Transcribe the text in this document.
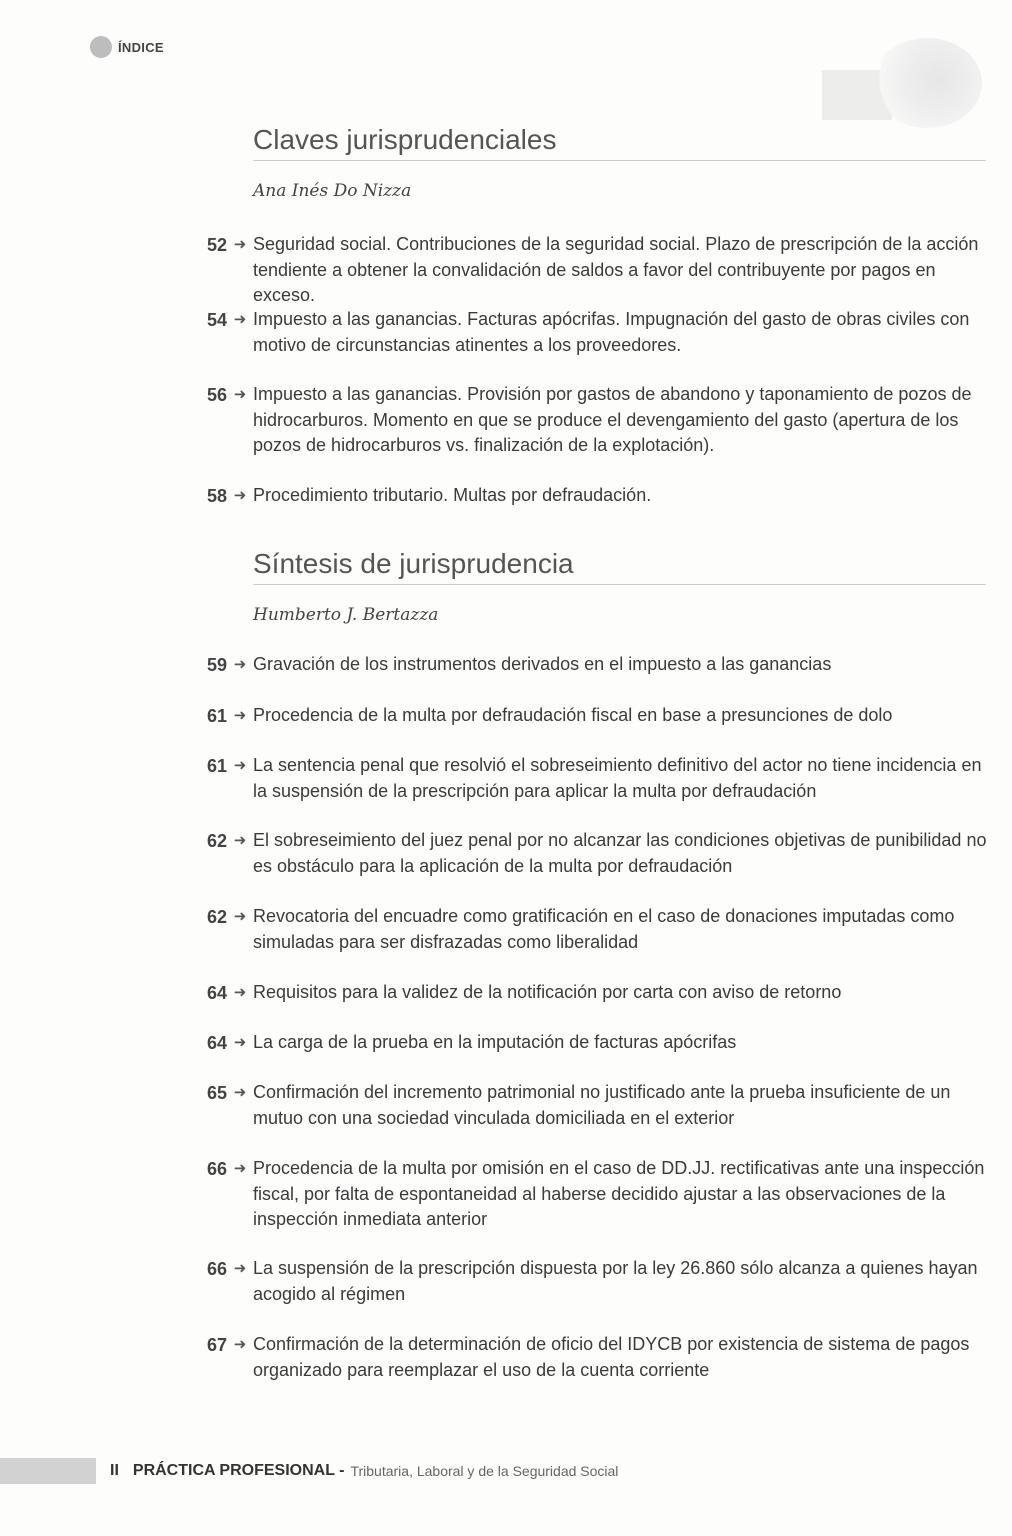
ÍNDICE
Claves jurisprudenciales
Ana Inés Do Nizza
52 ➜ Seguridad social. Contribuciones de la seguridad social. Plazo de prescripción de la acción tendiente a obtener la convalidación de saldos a favor del contribuyente por pagos en exceso.
54 ➜ Impuesto a las ganancias. Facturas apócrifas. Impugnación del gasto de obras civiles con motivo de circunstancias atinentes a los proveedores.
56 ➜ Impuesto a las ganancias. Provisión por gastos de abandono y taponamiento de pozos de hidrocarburos. Momento en que se produce el devengamiento del gasto (apertura de los pozos de hidrocarburos vs. finalización de la explotación).
58 ➜ Procedimiento tributario. Multas por defraudación.
Síntesis de jurisprudencia
Humberto J. Bertazza
59 ➜ Gravación de los instrumentos derivados en el impuesto a las ganancias
61 ➜ Procedencia de la multa por defraudación fiscal en base a presunciones de dolo
61 ➜ La sentencia penal que resolvió el sobreseimiento definitivo del actor no tiene incidencia en la suspensión de la prescripción para aplicar la multa por defraudación
62 ➜ El sobreseimiento del juez penal por no alcanzar las condiciones objetivas de punibilidad no es obstáculo para la aplicación de la multa por defraudación
62 ➜ Revocatoria del encuadre como gratificación en el caso de donaciones imputadas como simuladas para ser disfrazadas como liberalidad
64 ➜ Requisitos para la validez de la notificación por carta con aviso de retorno
64 ➜ La carga de la prueba en la imputación de facturas apócrifas
65 ➜ Confirmación del incremento patrimonial no justificado ante la prueba insuficiente de un mutuo con una sociedad vinculada domiciliada en el exterior
66 ➜ Procedencia de la multa por omisión en el caso de DD.JJ. rectificativas ante una inspección fiscal, por falta de espontaneidad al haberse decidido ajustar a las observaciones de la inspección inmediata anterior
66 ➜ La suspensión de la prescripción dispuesta por la ley 26.860 sólo alcanza a quienes hayan acogido al régimen
67 ➜ Confirmación de la determinación de oficio del IDYCB por existencia de sistema de pagos organizado para reemplazar el uso de la cuenta corriente
II PRÁCTICA PROFESIONAL - Tributaria, Laboral y de la Seguridad Social
